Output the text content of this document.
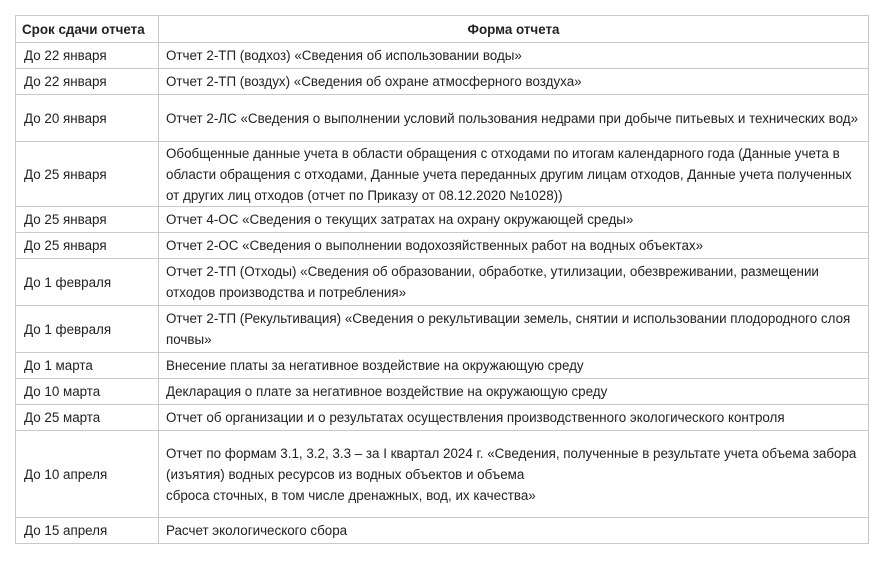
Срок сдачи отчета	Форма отчета
До 22 января	Отчет 2-ТП (водхоз) «Сведения об использовании воды»
До 22 января	Отчет 2-ТП (воздух) «Сведения об охране атмосферного воздуха»
До 20 января	Отчет 2-ЛС «Сведения о выполнении условий пользования недрами при добыче питьевых и технических вод»
До 25 января	Обобщенные данные учета в области обращения с отходами по итогам календарного года (Данные учета в области обращения с отходами, Данные учета переданных другим лицам отходов, Данные учета полученных от других лиц отходов (отчет по Приказу от 08.12.2020 №1028))
До 25 января	Отчет 4-ОС «Сведения о текущих затратах на охрану окружающей среды»
До 25 января	Отчет 2-ОС «Сведения о выполнении водохозяйственных работ на водных объектах»
До 1 февраля	Отчет 2-ТП (Отходы) «Сведения об образовании, обработке, утилизации, обезвреживании, размещении отходов производства и потребления»
До 1 февраля	Отчет 2-ТП (Рекультивация) «Сведения о рекультивации земель, снятии и использовании плодородного слоя почвы»
До 1 марта	Внесение платы за негативное воздействие на окружающую среду
До 10 марта	Декларация о плате за негативное воздействие на окружающую среду
До 25 марта	Отчет об организации и о результатах осуществления производственного экологического контроля
До 10 апреля	Отчет по формам 3.1, 3.2, 3.3 – за I квартал 2024 г. «Сведения, полученные в результате учета объема забора
(изъятия) водных ресурсов из водных объектов и объема
сброса сточных, в том числе дренажных, вод, их качества»
До 15 апреля	Расчет экологического сбора
